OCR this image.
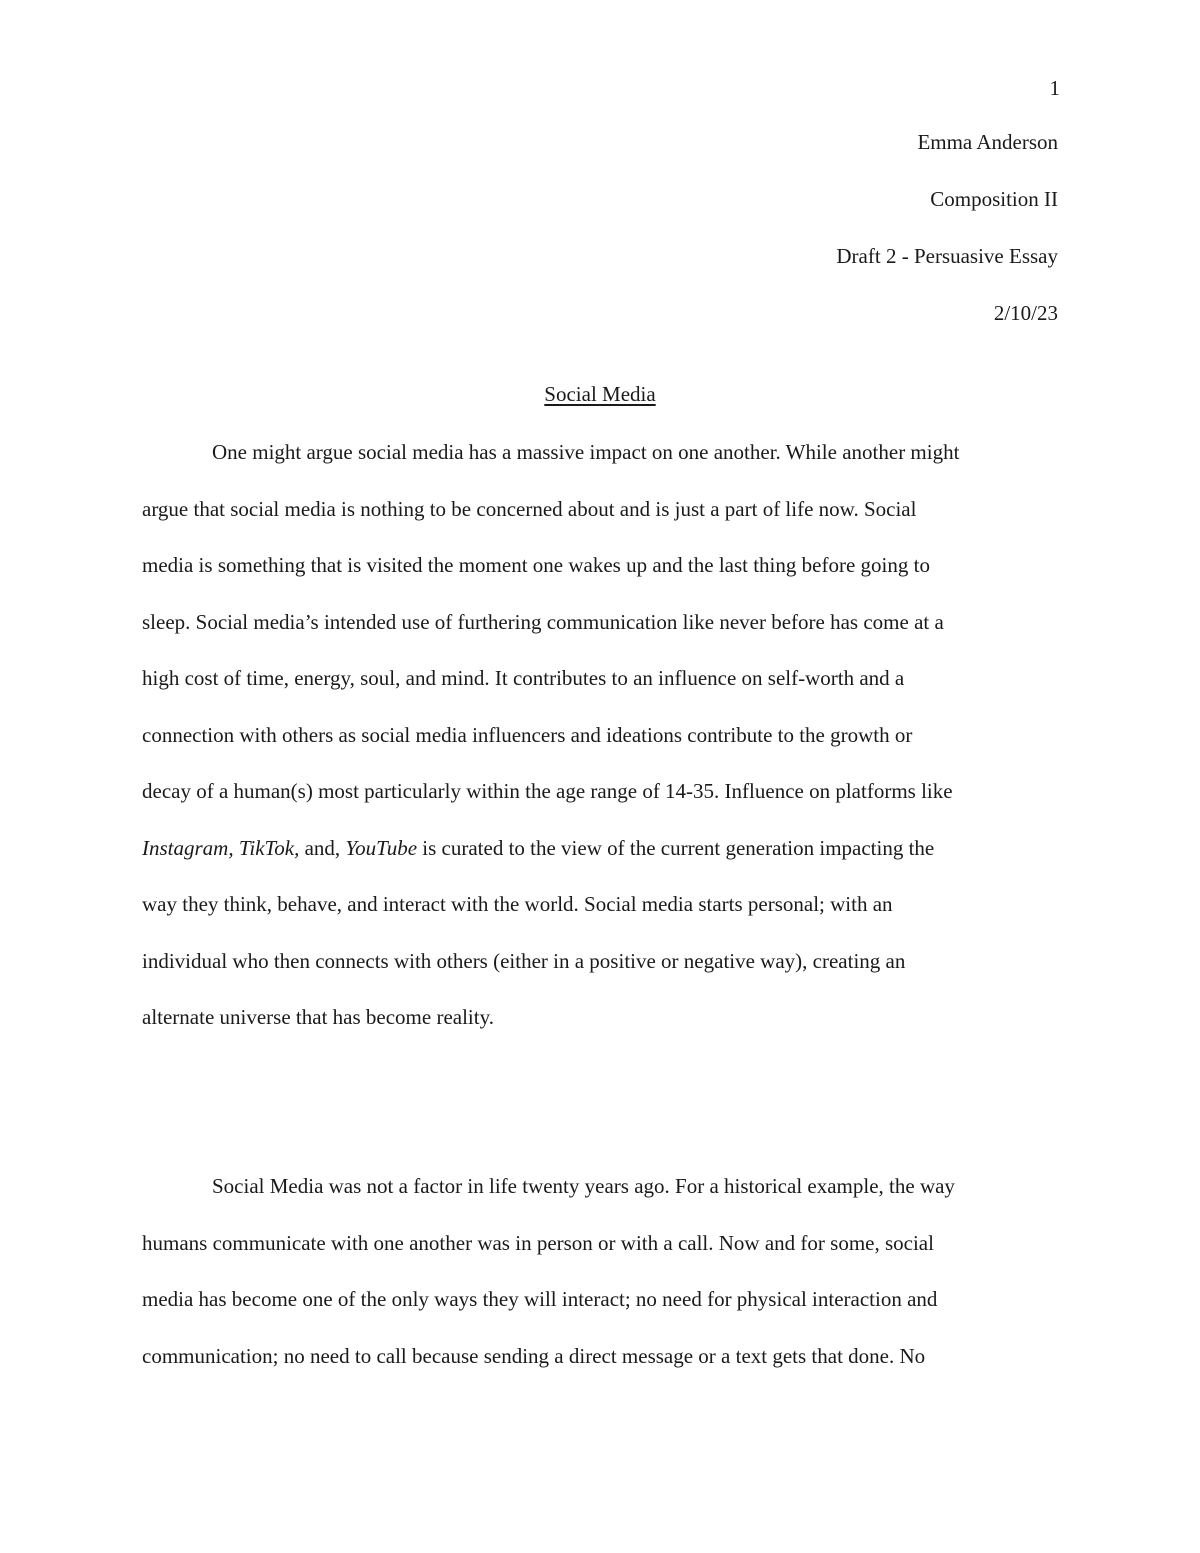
1
Emma Anderson
Composition II
Draft 2 - Persuasive Essay
2/10/23
Social Media
One might argue social media has a massive impact on one another. While another might
argue that social media is nothing to be concerned about and is just a part of life now. Social
media is something that is visited the moment one wakes up and the last thing before going to
sleep. Social media’s intended use of furthering communication like never before has come at a
high cost of time, energy, soul, and mind. It contributes to an influence on self-worth and a
connection with others as social media influencers and ideations contribute to the growth or
decay of a human(s) most particularly within the age range of 14-35. Influence on platforms like
Instagram, TikTok, and, YouTube is curated to the view of the current generation impacting the
way they think, behave, and interact with the world. Social media starts personal; with an
individual who then connects with others (either in a positive or negative way), creating an
alternate universe that has become reality.
Social Media was not a factor in life twenty years ago. For a historical example, the way
humans communicate with one another was in person or with a call. Now and for some, social
media has become one of the only ways they will interact; no need for physical interaction and
communication; no need to call because sending a direct message or a text gets that done. No
